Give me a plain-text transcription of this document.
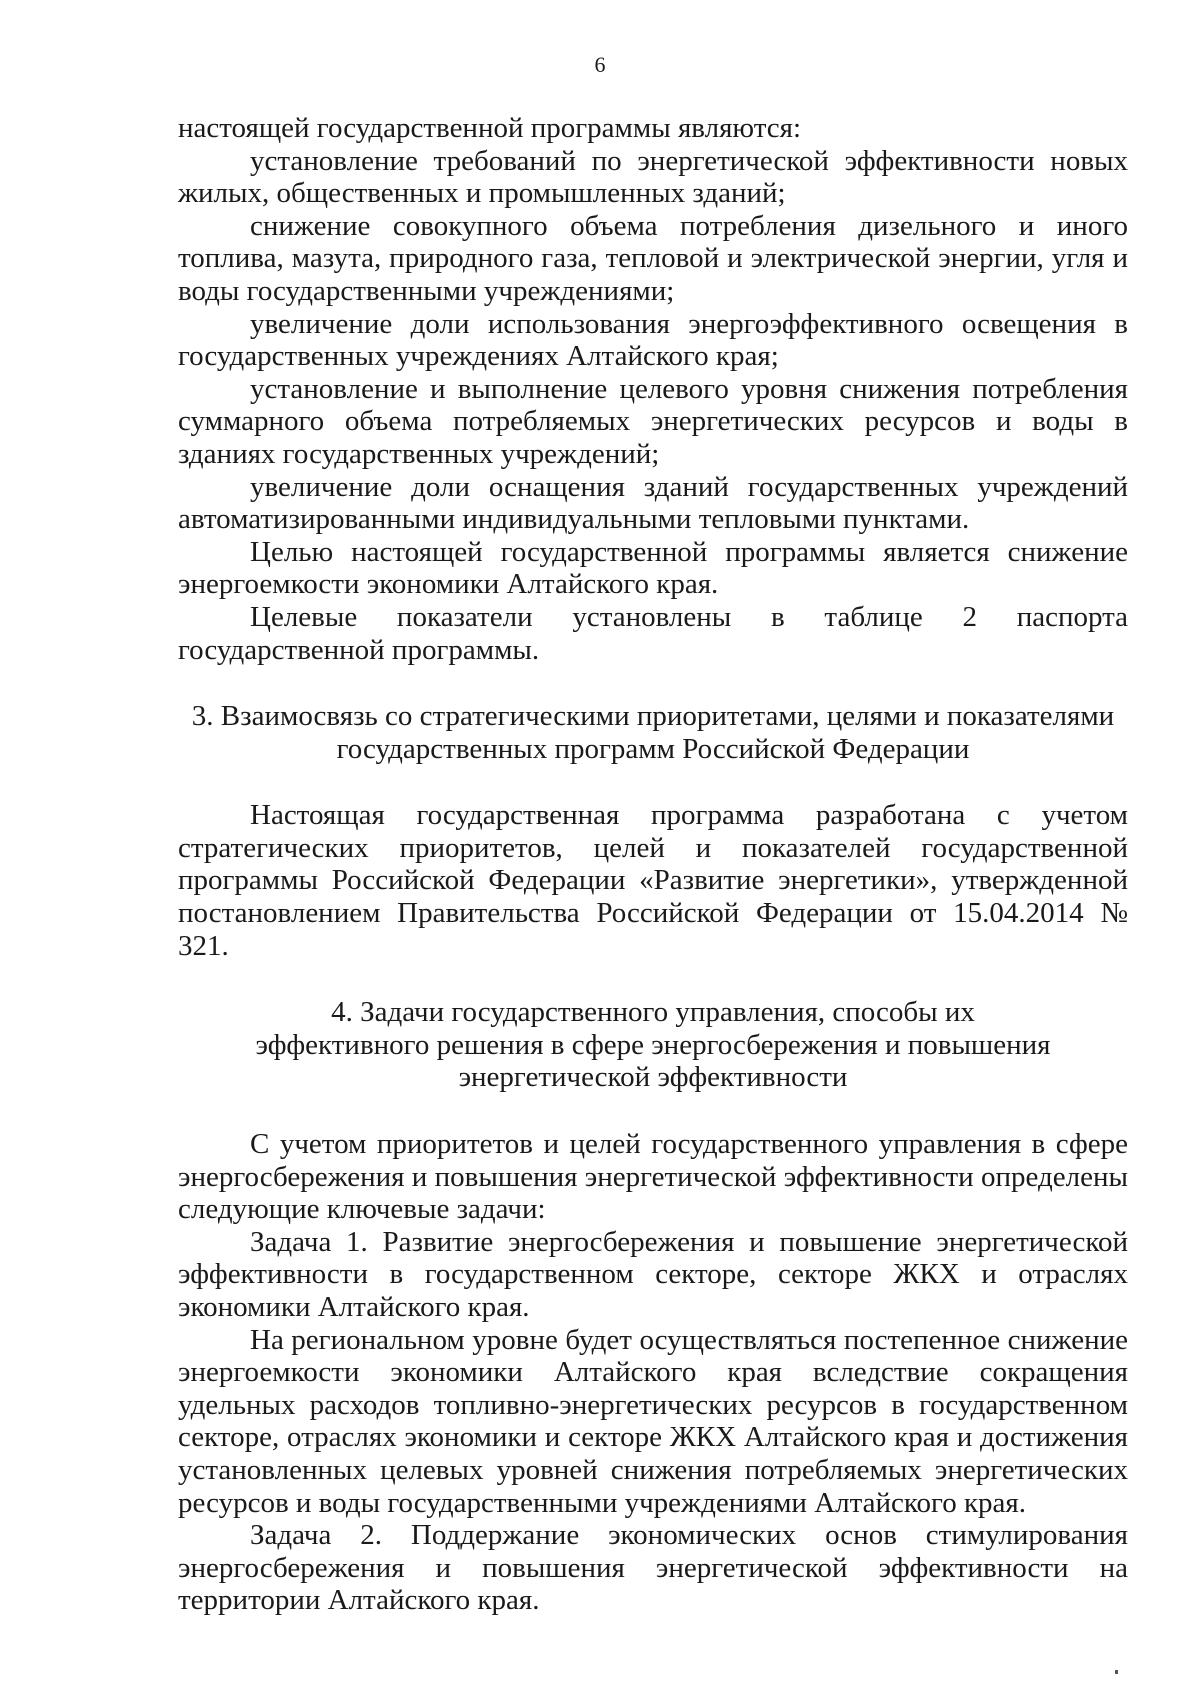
6

настоящей государственной программы являются:

установление требований по энергетической эффективности новых жилых, общественных и промышленных зданий;

снижение совокупного объема потребления дизельного и иного топлива, мазута, природного газа, тепловой и электрической энергии, угля и воды государственными учреждениями;

увеличение доли использования энергоэффективного освещения в государственных учреждениях Алтайского края;

установление и выполнение целевого уровня снижения потребления суммарного объема потребляемых энергетических ресурсов и воды в зданиях государственных учреждений;

увеличение доли оснащения зданий государственных учреждений автоматизированными индивидуальными тепловыми пунктами.

Целью настоящей государственной программы является снижение энергоемкости экономики Алтайского края.

Целевые показатели установлены в таблице 2 паспорта государственной программы.

3. Взаимосвязь со стратегическими приоритетами, целями и показателями
государственных программ Российской Федерации

Настоящая государственная программа разработана с учетом стратегических приоритетов, целей и показателей государственной программы Российской Федерации «Развитие энергетики», утвержденной постановлением Правительства Российской Федерации от 15.04.2014 № 321.

4. Задачи государственного управления, способы их эффективного решения в сфере энергосбережения и повышения энергетической эффективности

С учетом приоритетов и целей государственного управления в сфере энергосбережения и повышения энергетической эффективности определены следующие ключевые задачи:

Задача 1. Развитие энергосбережения и повышение энергетической эффективности в государственном секторе, секторе ЖКХ и отраслях экономики Алтайского края.

На региональном уровне будет осуществляться постепенное снижение энергоемкости экономики Алтайского края вследствие сокращения удельных расходов топливно-энергетических ресурсов в государственном секторе, отраслях экономики и секторе ЖКХ Алтайского края и достижения установленных целевых уровней снижения потребляемых энергетических ресурсов и воды государственными учреждениями Алтайского края.

Задача 2. Поддержание экономических основ стимулирования энергосбережения и повышения энергетической эффективности на территории Алтайского края.
